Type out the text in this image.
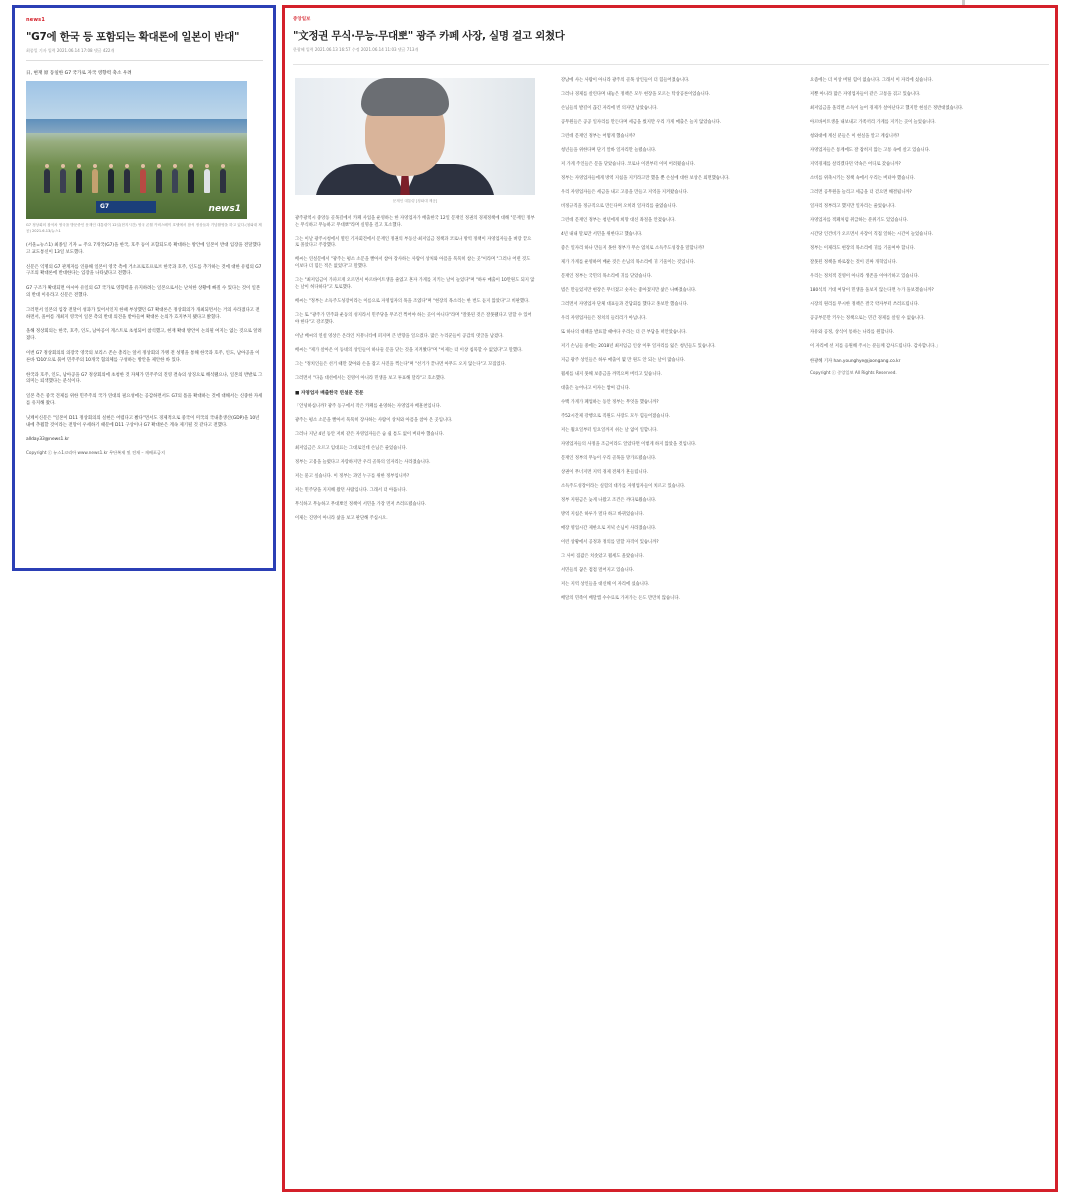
news1
"G7에 한국 등 포함되는 확대론에 일본이 반대"
최종일 기자 입력 2021.06.14 17:08 댓글 422개
日, 현재 原 동일한 G7 국가로 자국 영향력 축소 우려
G7	news1
G7 정상회의 참석차 영국을 방문중인 문재인 대통령이 12일(현지시간) 영국 콘월 카비스베이 호텔에서 참석 정상들과 기념촬영을 하고 있다.(청와대 제공) 2021.6.13/뉴스1

(서울=뉴스1) 최종일 기자 = 주요 7개국(G7)을 한국, 호주 등이 포함되도록 확대하는 방안에 일본이 반대 입장을 전달했다고 교도통신이 13일 보도했다.

신문은 익명의 G7 관계자를 인용해 일본이 영국 측에 거소프로흐프로브 한국과 호주, 인도를 추가하는 것에 대한 유럽의 G7 구조의 확대론에 반대한다는 입장을 나타냈다고 전했다.

G7 구조가 확대되면 아시아 유일의 G7 국가로 영향력을 유지하려는 일본으로서는 난처한 상황에 빠질 수 있다는 것이 일본의 반대 이유라고 신문은 전했다.

그러면서 일본의 입장 전달이 성과가 있어서인지 한때 부상했던 G7 확대론은 정상회의가 개최되면서는 거의 사라졌다고 전하면서, 올여름 개최지 영국이 일본 측의 반대 의견을 받아들여 확대론 논의가 흐지부지 됐다고 밝혔다.

올해 정상회의는 한국, 호주, 인도, 남아공이 게스트로 초청되어 참석했고, 현재 확대 방안이 논의될 여지는 없는 것으로 알려졌다.

이번 G7 정상회의의 의장국 영국의 보리스 존슨 총리는 앞서 정상회의 가맹 전 성명을 통해 한국과 호주, 인도, 남아공을 이른바 'D10'으로 묶어 민주주의 10개국 협의체를 구성하는 방안을 제안한 바 있다.

한국과 호주, 인도, 남아공을 G7 정상회의에 초청한 것 자체가 민주주의 진영 결속의 상징으로 해석됐으나, 일본의 반발로 그 의미는 퇴색했다는 분석이다.

일본 측은 중국 견제를 위한 민주주의 국가 연대의 필요성에는 공감하면서도 G7의 틀을 확대하는 것에 대해서는 신중한 자세를 유지해 왔다.

닛케이신문은 "일본이 D11 정상회의의 실현은 어렵다고 봤다"면서도 경제적으로 중국이 미국의 국내총생산(GDP)을 10년 내에 추월할 것이라는 전망이 우세하기 때문에 D11 구상이나 G7 확대론은 계속 제기될 것 같다고 전했다.

allday33@news1.kr
Copyright ⓒ 뉴스1코리아 www.news1.kr 무단복제 및 전재 – 재배포금지
중앙일보
"文정권 무식·무능·무대뽀" 광주 카페 사장, 실명 걸고 외쳤다
한광혜 입력 2021.06.13 16:57 수정 2021.06.14 11:03 댓글 713개
문재인 대통령 [청와대 제공]

광주광역시 중앙동 골목길에서 카페 사업을 운영하는 한 자영업자가 배출한국 12일 문재인 정권의 경제정책에 대해 "문재인 정부는 무식하고 무능하고 무대뽀"라며 실명을 걸고 호소했다.

그는 이날 광주시청에서 열린 기자회견에서 문재인 정권의 부동산·최저임금 정책과 코로나 방역 정책이 자영업자들을 벼랑 끝으로 몰았다고 주장했다.

배씨는 연설문에서 "광주는 평소 소문을 빨아서 참아 장사하는 사람이 상처와 아픔을 묵묵히 참는 곳"이라며 "그러나 어떤 것도 이보다 더 힘든 적은 없었다"고 말했다.

그는 "최저임금이 가파르게 오르면서 아르바이트생을 줄였고 혼자 가게를 지키는 날이 늘었다"며 "하루 매출이 10만원도 되지 않는 날이 허다하다"고 토로했다.

배씨는 "정부는 소득주도성장이라는 이름으로 자영업자의 목을 조였다"며 "현장의 목소리는 한 번도 듣지 않았다"고 비판했다.

그는 또 "광주가 민주화 운동의 성지라서 민주당을 무조건 찍어야 하는 곳이 아니다"라며 "잘못된 것은 잘못됐다고 말할 수 있어야 한다"고 강조했다.

이날 배씨의 연설 영상은 온라인 커뮤니티에 퍼지며 큰 반향을 일으켰다. 많은 누리꾼들이 공감의 댓글을 남겼다.

배씨는 "제가 살아온 이 동네의 상인들이 하나둘 문을 닫는 것을 지켜봤다"며 "이제는 더 이상 침묵할 수 없었다"고 말했다.

그는 "정치인들은 선거 때만 찾아와 손을 잡고 사진을 찍는다"며 "선거가 끝나면 아무도 오지 않는다"고 꼬집었다.

그러면서 "다음 대선에서는 진영이 아니라 민생을 보고 투표해 달라"고 호소했다.

■ 자영업자 배출한국 연설문 전문

「안녕하십니까? 광주 동구에서 작은 카페를 운영하는 자영업자 배훈천입니다.

광주는 평소 소문을 빨아서 묵묵히 장사하는 사람이 상처와 아픔을 참아 온 곳입니다.

그러나 지난 4년 동안 저희 같은 자영업자들은 숨 쉴 틈도 없이 버텨야 했습니다.

최저임금은 오르고 임대료는 그대로인데 손님은 줄었습니다.

정부는 고용을 늘렸다고 자랑하지만 우리 골목의 일자리는 사라졌습니다.

저는 묻고 싶습니다. 이 정부는 과연 누구를 위한 정부입니까?

저는 민주당을 지지해 왔던 사람입니다. 그래서 더 아픕니다.

무식하고 무능하고 무대뽀인 정책이 서민을 가장 먼저 쓰러뜨렸습니다.

이제는 진영이 아니라 삶을 보고 판단해 주십시오.

강남에 사는 사람이 아니라 광주의 골목 상인들이 더 힘들어졌습니다.

그러나 경제를 살린다며 내놓은 정책은 모두 현장을 모르는 탁상공론이었습니다.

손님들의 발길이 끊긴 자리에 빈 의자만 남았습니다.

공무원들은 공공 일자리를 만든다며 세금을 썼지만 우리 가게 매출은 늘지 않았습니다.

그런데 문재인 정부는 어떻게 했습니까?

청년들을 위한다며 단기 알바 일자리만 늘렸습니다.

저 가게 주인들은 문을 닫았습니다. 코로나 이전부터 이미 어려웠습니다.

정부는 자영업자들에게 방역 지침을 지키라고만 했을 뿐 손실에 대한 보상은 외면했습니다.

우리 자영업자들은 세금을 내고 고용을 만들고 지역을 지켜왔습니다.

비정규직을 정규직으로 만든다며 오히려 일자리를 줄였습니다.

그런데 문재인 정부는 청년에게 희망 대신 좌절을 안겼습니다.

4년 내내 말로만 서민을 위한다고 했습니다.

좋은 일자리 하나 만들지 못한 정부가 무슨 염치로 소득주도성장을 말합니까?

제가 가게를 운영하며 배운 것은 손님의 목소리에 귀 기울이는 것입니다.

문재인 정부는 국민의 목소리에 귀를 닫았습니다.

법은 만들었지만 현장은 무너졌고 숫자는 좋아졌지만 삶은 나빠졌습니다.

그러면서 자영업자 단체 대표들과 간담회를 했다고 홍보만 했습니다.

우리 자영업자들은 정치의 들러리가 아닙니다.

또 하나의 대책을 발표할 때마다 우리는 더 큰 부담을 떠안았습니다.

저기 손님들 중에는 2018년 최저임금 인상 이후 일자리를 잃은 청년들도 있습니다.

지금 광주 상인들은 하루 매출이 몇 만 원도 안 되는 날이 많습니다.

월세를 내지 못해 보증금을 까먹으며 버티고 있습니다.

대출은 늘어나고 이자는 쌓여 갑니다.

수백 가게가 폐업하는 동안 정부는 무엇을 했습니까?

주52시간제 강행으로 직원도 사장도 모두 힘들어졌습니다.

저는 월요일부터 일요일까지 쉬는 날 없이 일합니다.

자영업자들의 사정을 조금이라도 알았다면 이렇게 하지 않았을 것입니다.

문재인 정부의 무능이 우리 골목을 망가뜨렸습니다.

상권이 무너지면 지역 경제 전체가 흔들립니다.

소득주도성장이라는 실험의 대가를 자영업자들이 치르고 있습니다.

정부 지원금은 늦게 나왔고 조건은 까다로웠습니다.

방역 지침은 하루가 멀다 하고 바뀌었습니다.

매장 영업시간 제한으로 저녁 손님이 사라졌습니다.

이런 상황에서 공정과 정의를 말할 자격이 있습니까?

그 사이 집값은 치솟았고 월세도 올랐습니다.

서민들의 꿈은 점점 멀어지고 있습니다.

저는 지역 상인들을 대신해 이 자리에 섰습니다.

배달의 민족이 배달앱 수수료로 가져가는 돈도 만만치 않습니다.

요즘에는 더 이상 버틸 힘이 없습니다. 그래서 이 자리에 섰습니다.

저뿐 아니라 많은 자영업자들이 같은 고통을 겪고 있습니다.

최저임금을 올리면 소득이 늘어 경제가 살아난다고 했지만 현실은 정반대였습니다.

아르바이트생을 내보내고 가족끼리 가게를 지키는 곳이 늘었습니다.

청와대에 계신 분들은 이 현실을 알고 계십니까?

자영업자들은 통계에도 잘 잡히지 않는 고통 속에 살고 있습니다.

지역경제를 살리겠다던 약속은 어디로 갔습니까?

소비를 위축시키는 정책 속에서 우리는 버텨야 했습니다.

그러면 공무원을 늘리고 세금을 더 걷으면 해결됩니까?

일자리 정부라고 했지만 일자리는 줄었습니다.

자영업자를 적폐처럼 취급하는 분위기도 있었습니다.

시간당 인건비가 오르면서 사장이 직접 일하는 시간이 늘었습니다.

정부는 이제라도 현장의 목소리에 귀를 기울여야 합니다.

잘못된 정책을 바로잡는 것이 진짜 개혁입니다.

우리는 정치적 진영이 아니라 생존을 이야기하고 있습니다.

180석의 거대 여당이 민생을 돌보지 않는다면 누가 돌보겠습니까?

시장의 원리를 무시한 정책은 결국 약자부터 쓰러뜨립니다.

공공부문만 키우는 정책으로는 민간 경제를 살릴 수 없습니다.

자유와 공정, 상식이 통하는 나라를 원합니다.

이 자리에 선 저를 응원해 주시는 분들께 감사드립니다. 감사합니다.」

한광혜 기자 han.younghye@joongang.co.kr
Copyright ⓒ 중앙일보 All Rights Reserved.
